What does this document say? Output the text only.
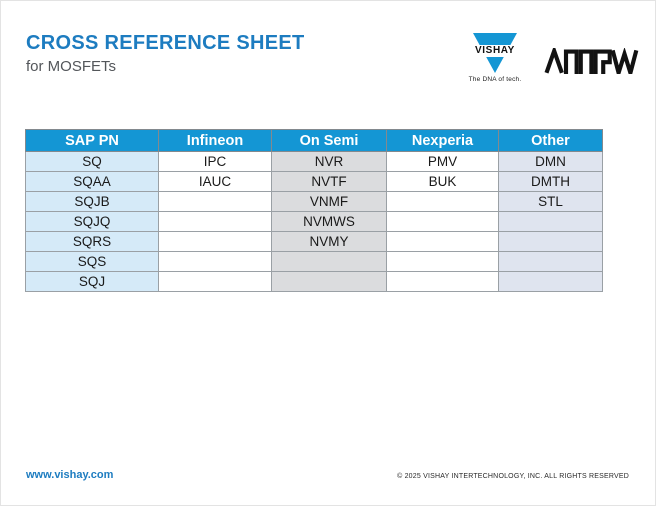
CROSS REFERENCE SHEET

for MOSFETs

VISHAY
The DNA of tech.
SAP PN	Infineon	On Semi	Nexperia	Other
SQ	IPC	NVR	PMV	DMN
SQAA	IAUC	NVTF	BUK	DMTH
SQJB		VNMF		STL
SQJQ		NVMWS		
SQRS		NVMY		
SQS				
SQJ				
www.vishay.com	© 2025 VISHAY INTERTECHNOLOGY, INC. ALL RIGHTS RESERVED
